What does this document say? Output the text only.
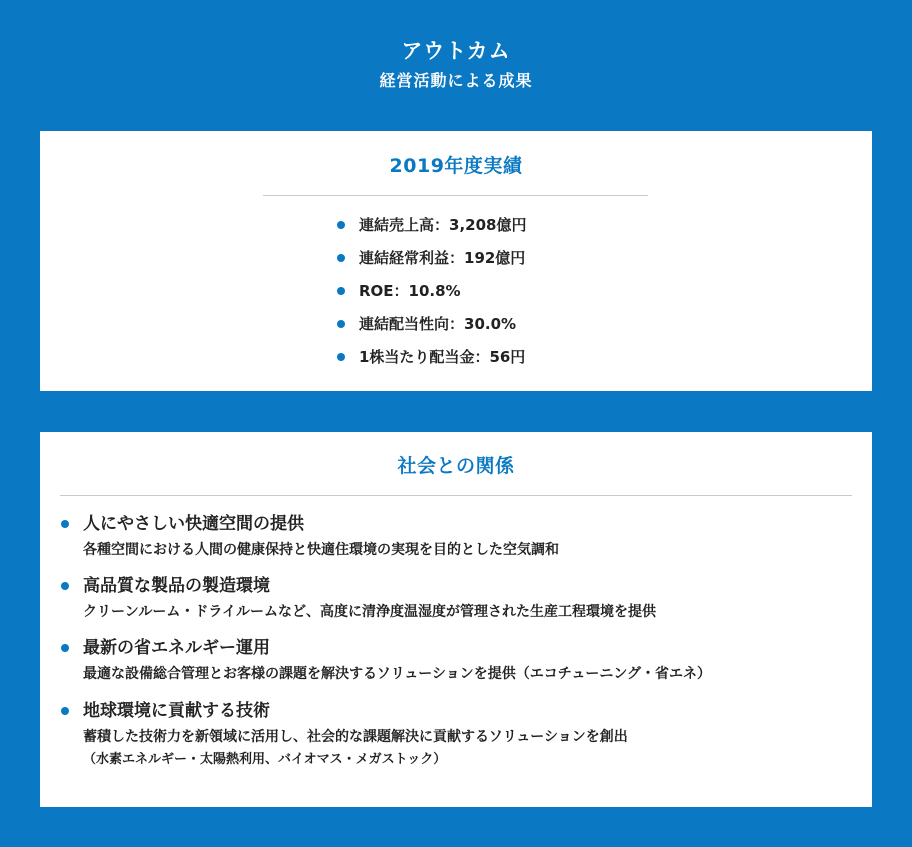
アウトカム
経営活動による成果
2019年度実績
連結売上高：3,208億円
連結経常利益：192億円
ROE：10.8%
連結配当性向：30.0%
1株当たり配当金：56円
社会との関係
人にやさしい快適空間の提供
各種空間における人間の健康保持と快適住環境の実現を目的とした空気調和
高品質な製品の製造環境
クリーンルーム・ドライルームなど、高度に清浄度温湿度が管理された生産工程環境を提供
最新の省エネルギー運用
最適な設備総合管理とお客様の課題を解決するソリューションを提供（エコチューニング・省エネ）
地球環境に貢献する技術
蓄積した技術力を新領域に活用し、社会的な課題解決に貢献するソリューションを創出
（水素エネルギー・太陽熱利用、バイオマス・メガストック）
